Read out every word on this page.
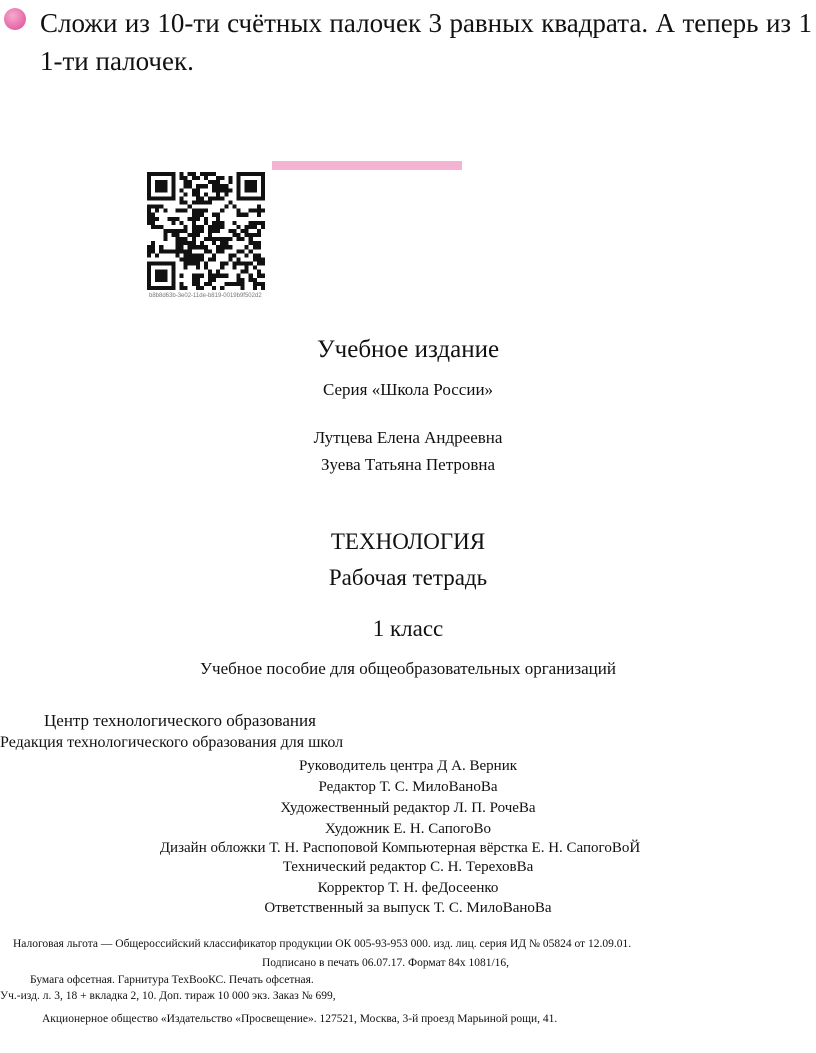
Сложи из 10-ти счётных палочек 3 равных квадрата. А теперь из 1 1-ти палочек.
b8b8d63b-3e02-11de-b819-0019b9f502d2
Учебное издание
Серия «Школа России»
Лутцева Елена Андреевна
Зуева Татьяна Петровна
ТЕХНОЛОГИЯ
Рабочая тетрадь
1 класс
Учебное пособие для общеобразовательных организаций
Центр технологического образования
Редакция технологического образования для школ
Руководитель центра Д А. Верник
Редактор Т. С. МилоВаноВа
Художественный редактор Л. П. РочеВа
Художник Е. Н. СапогоВо
Дизайн обложки Т. Н. Распоповой Компьютерная вёрстка Е. Н. СапогоВоЙ
Технический редактор С. Н. ТереховВа
Корректор Т. Н. феДосеенко
Ответственный за выпуск Т. С. МилоВаноВа
Налоговая льгота — Общероссийский классификатор продукции ОК 005-93-953 000. изд. лиц. серия ИД № 05824 от 12.09.01.
Подписано в печать 06.07.17. Формат 84х 1081/16,
Бумага офсетная. Гарнитура ТехВооКС. Печать офсетная.
Уч.-изд. л. 3, 18 + вкладка 2, 10. Доп. тираж 10 000 экз. Заказ № 699,
Акционерное общество «Издательство «Просвещение». 127521, Москва, 3-й проезд Марьиной рощи, 41.
